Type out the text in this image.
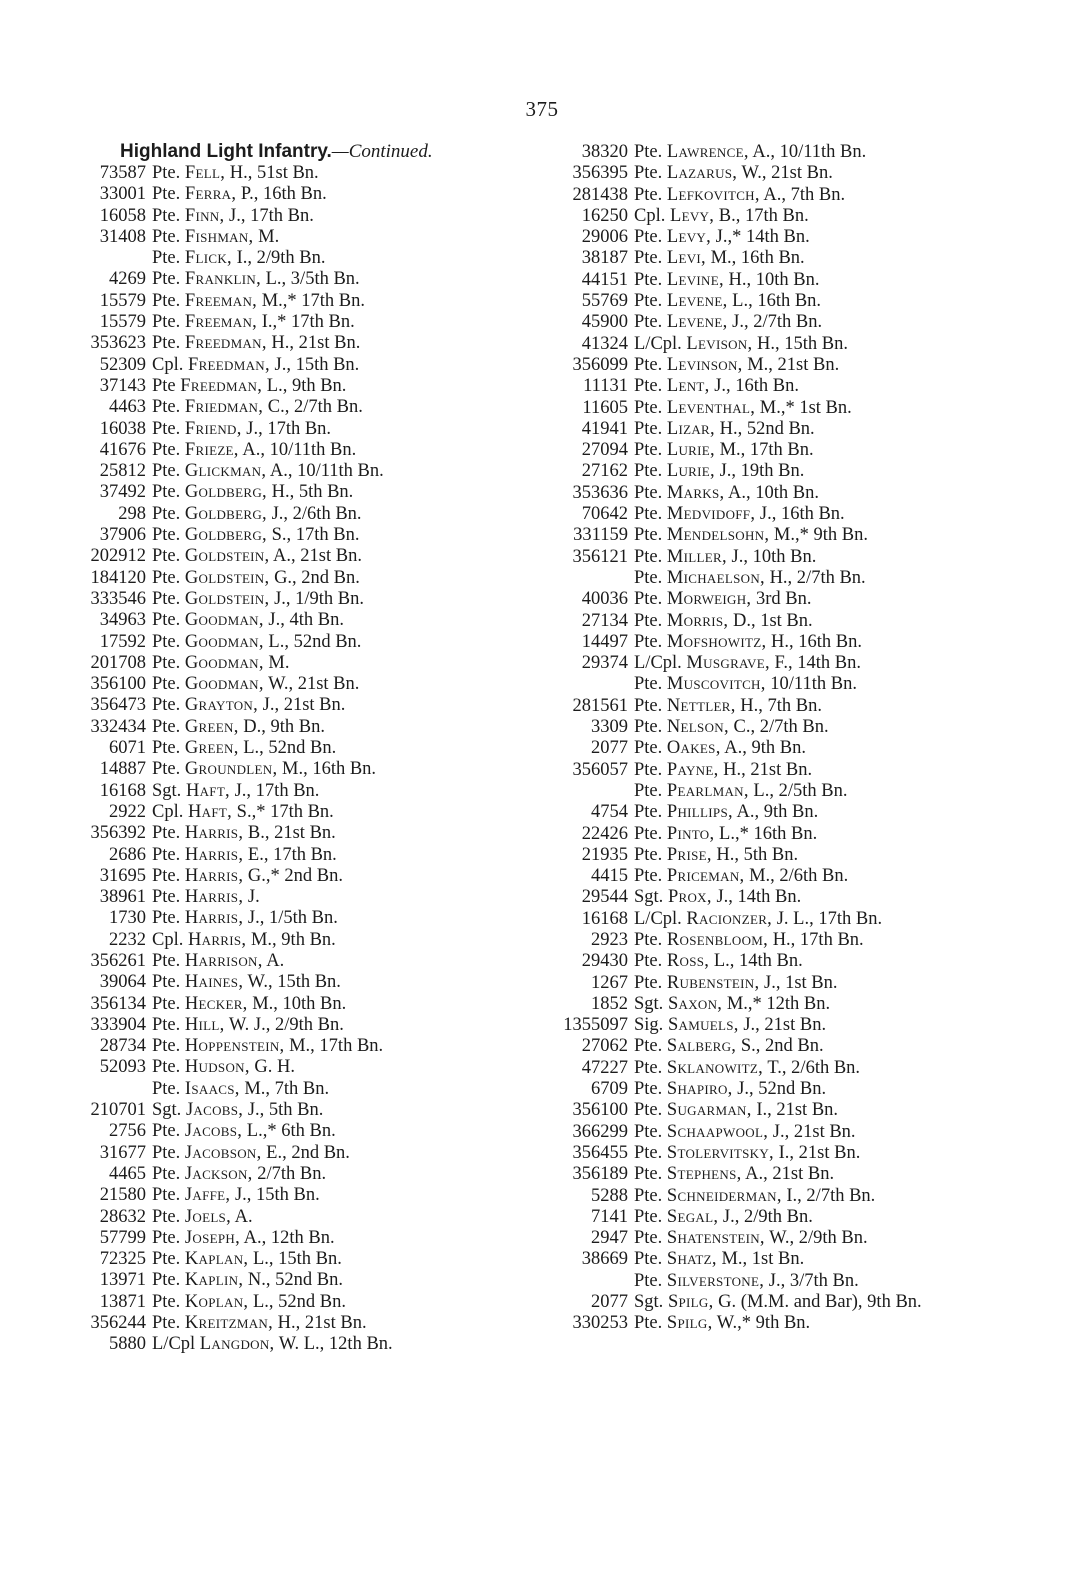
375
Highland Light Infantry.—Continued.
73587 Pte. Fell, H., 51st Bn.
33001 Pte. Ferra, P., 16th Bn.
16058 Pte. Finn, J., 17th Bn.
31408 Pte. Fishman, M.
Pte. Flick, I., 2/9th Bn.
4269 Pte. Franklin, L., 3/5th Bn.
15579 Pte. Freeman, M.,* 17th Bn.
15579 Pte. Freeman, I.,* 17th Bn.
353623 Pte. Freedman, H., 21st Bn.
52309 Cpl. Freedman, J., 15th Bn.
37143 Pte Freedman, L., 9th Bn.
4463 Pte. Friedman, C., 2/7th Bn.
16038 Pte. Friend, J., 17th Bn.
41676 Pte. Frieze, A., 10/11th Bn.
25812 Pte. Glickman, A., 10/11th Bn.
37492 Pte. Goldberg, H., 5th Bn.
298 Pte. Goldberg, J., 2/6th Bn.
37906 Pte. Goldberg, S., 17th Bn.
202912 Pte. Goldstein, A., 21st Bn.
184120 Pte. Goldstein, G., 2nd Bn.
333546 Pte. Goldstein, J., 1/9th Bn.
34963 Pte. Goodman, J., 4th Bn.
17592 Pte. Goodman, L., 52nd Bn.
201708 Pte. Goodman, M.
356100 Pte. Goodman, W., 21st Bn.
356473 Pte. Grayton, J., 21st Bn.
332434 Pte. Green, D., 9th Bn.
6071 Pte. Green, L., 52nd Bn.
14887 Pte. Groundlen, M., 16th Bn.
16168 Sgt. Haft, J., 17th Bn.
2922 Cpl. Haft, S.,* 17th Bn.
356392 Pte. Harris, B., 21st Bn.
2686 Pte. Harris, E., 17th Bn.
31695 Pte. Harris, G.,* 2nd Bn.
38961 Pte. Harris, J.
1730 Pte. Harris, J., 1/5th Bn.
2232 Cpl. Harris, M., 9th Bn.
356261 Pte. Harrison, A.
39064 Pte. Haines, W., 15th Bn.
356134 Pte. Hecker, M., 10th Bn.
333904 Pte. Hill, W. J., 2/9th Bn.
28734 Pte. Hoppenstein, M., 17th Bn.
52093 Pte. Hudson, G. H.
Pte. Isaacs, M., 7th Bn.
210701 Sgt. Jacobs, J., 5th Bn.
2756 Pte. Jacobs, L.,* 6th Bn.
31677 Pte. Jacobson, E., 2nd Bn.
4465 Pte. Jackson, 2/7th Bn.
21580 Pte. Jaffe, J., 15th Bn.
28632 Pte. Joels, A.
57799 Pte. Joseph, A., 12th Bn.
72325 Pte. Kaplan, L., 15th Bn.
13971 Pte. Kaplin, N., 52nd Bn.
13871 Pte. Koplan, L., 52nd Bn.
356244 Pte. Kreitzman, H., 21st Bn.
5880 L/Cpl Langdon, W. L., 12th Bn.
38320 Pte. Lawrence, A., 10/11th Bn.
356395 Pte. Lazarus, W., 21st Bn.
281438 Pte. Lefkovitch, A., 7th Bn.
16250 Cpl. Levy, B., 17th Bn.
29006 Pte. Levy, J.,* 14th Bn.
38187 Pte. Levi, M., 16th Bn.
44151 Pte. Levine, H., 10th Bn.
55769 Pte. Levene, L., 16th Bn.
45900 Pte. Levene, J., 2/7th Bn.
41324 L/Cpl. Levison, H., 15th Bn.
356099 Pte. Levinson, M., 21st Bn.
11131 Pte. Lent, J., 16th Bn.
11605 Pte. Leventhal, M.,* 1st Bn.
41941 Pte. Lizar, H., 52nd Bn.
27094 Pte. Lurie, M., 17th Bn.
27162 Pte. Lurie, J., 19th Bn.
353636 Pte. Marks, A., 10th Bn.
70642 Pte. Medvidoff, J., 16th Bn.
331159 Pte. Mendelsohn, M.,* 9th Bn.
356121 Pte. Miller, J., 10th Bn.
Pte. Michaelson, H., 2/7th Bn.
40036 Pte. Morweigh, 3rd Bn.
27134 Pte. Morris, D., 1st Bn.
14497 Pte. Mofshowitz, H., 16th Bn.
29374 L/Cpl. Musgrave, F., 14th Bn.
Pte. Muscovitch, 10/11th Bn.
281561 Pte. Nettler, H., 7th Bn.
3309 Pte. Nelson, C., 2/7th Bn.
2077 Pte. Oakes, A., 9th Bn.
356057 Pte. Payne, H., 21st Bn.
Pte. Pearlman, L., 2/5th Bn.
4754 Pte. Phillips, A., 9th Bn.
22426 Pte. Pinto, L.,* 16th Bn.
21935 Pte. Prise, H., 5th Bn.
4415 Pte. Priceman, M., 2/6th Bn.
29544 Sgt. Prox, J., 14th Bn.
16168 L/Cpl. Racionzer, J. L., 17th Bn.
2923 Pte. Rosenbloom, H., 17th Bn.
29430 Pte. Ross, L., 14th Bn.
1267 Pte. Rubenstein, J., 1st Bn.
1852 Sgt. Saxon, M.,* 12th Bn.
1355097 Sig. Samuels, J., 21st Bn.
27062 Pte. Salberg, S., 2nd Bn.
47227 Pte. Sklanowitz, T., 2/6th Bn.
6709 Pte. Shapiro, J., 52nd Bn.
356100 Pte. Sugarman, I., 21st Bn.
366299 Pte. Schaapwool, J., 21st Bn.
356455 Pte. Stolervitsky, I., 21st Bn.
356189 Pte. Stephens, A., 21st Bn.
5288 Pte. Schneiderman, I., 2/7th Bn.
7141 Pte. Segal, J., 2/9th Bn.
2947 Pte. Shatenstein, W., 2/9th Bn.
38669 Pte. Shatz, M., 1st Bn.
Pte. Silverstone, J., 3/7th Bn.
2077 Sgt. Spilg, G. (M.M. and Bar), 9th Bn.
330253 Pte. Spilg, W.,* 9th Bn.
